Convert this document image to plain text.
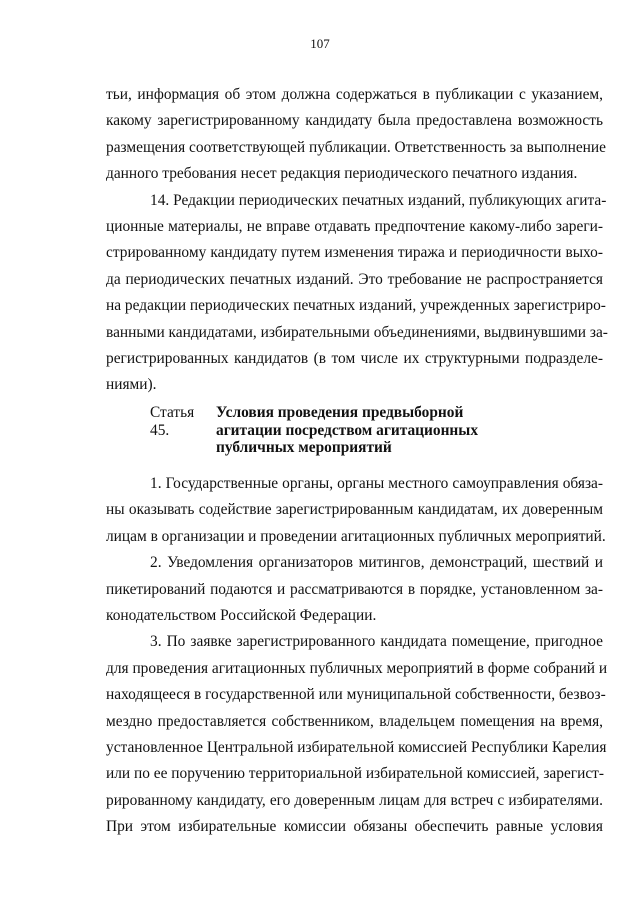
107
тьи, информация об этом должна содержаться в публикации с указанием,
какому зарегистрированному кандидату была предоставлена возможность
размещения соответствующей публикации. Ответственность за выполнение
данного требования несет редакция периодического печатного издания.
14. Редакции периодических печатных изданий, публикующих агита-
ционные материалы, не вправе отдавать предпочтение какому-либо зареги-
стрированному кандидату путем изменения тиража и периодичности выхо-
да периодических печатных изданий. Это требование не распространяется
на редакции периодических печатных изданий, учрежденных зарегистриро-
ванными кандидатами, избирательными объединениями, выдвинувшими за-
регистрированных кандидатов (в том числе их структурными подразделе-
ниями).
Статья 45.
Условия проведения предвыборной
агитации посредством агитационных
публичных мероприятий
1. Государственные органы, органы местного самоуправления обяза-
ны оказывать содействие зарегистрированным кандидатам, их доверенным
лицам в организации и проведении агитационных публичных мероприятий.
2. Уведомления организаторов митингов, демонстраций, шествий и
пикетирований подаются и рассматриваются в порядке, установленном за-
конодательством Российской Федерации.
3. По заявке зарегистрированного кандидата помещение, пригодное
для проведения агитационных публичных мероприятий в форме собраний и
находящееся в государственной или муниципальной собственности, безвоз-
мездно предоставляется собственником, владельцем помещения на время,
установленное Центральной избирательной комиссией Республики Карелия
или по ее поручению территориальной избирательной комиссией, зарегист-
рированному кандидату, его доверенным лицам для встреч с избирателями.
При этом избирательные комиссии обязаны обеспечить равные условия
